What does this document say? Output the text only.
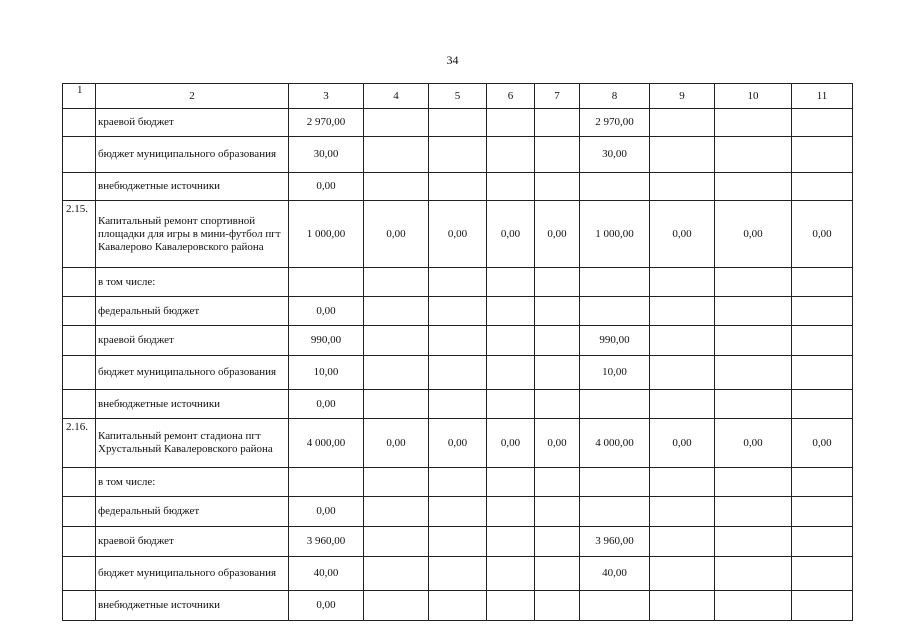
34
1	2	3	4	5	6	7	8	9	10	11
	краевой бюджет	2 970,00					2 970,00			
	бюджет муниципального образования	30,00					30,00			
	внебюджетные источники	0,00								
2.15.	Капитальный ремонт спортивной площадки для игры в мини-футбол пгт Кавалерово Кавалеровского района	1 000,00	0,00	0,00	0,00	0,00	1 000,00	0,00	0,00	0,00
	в том числе:									
	федеральный бюджет	0,00								
	краевой бюджет	990,00					990,00			
	бюджет муниципального образования	10,00					10,00			
	внебюджетные источники	0,00								
2.16.	Капитальный ремонт стадиона пгт Хрустальный Кавалеровского района	4 000,00	0,00	0,00	0,00	0,00	4 000,00	0,00	0,00	0,00
	в том числе:									
	федеральный бюджет	0,00								
	краевой бюджет	3 960,00					3 960,00			
	бюджет муниципального образования	40,00					40,00			
	внебюджетные источники	0,00								
